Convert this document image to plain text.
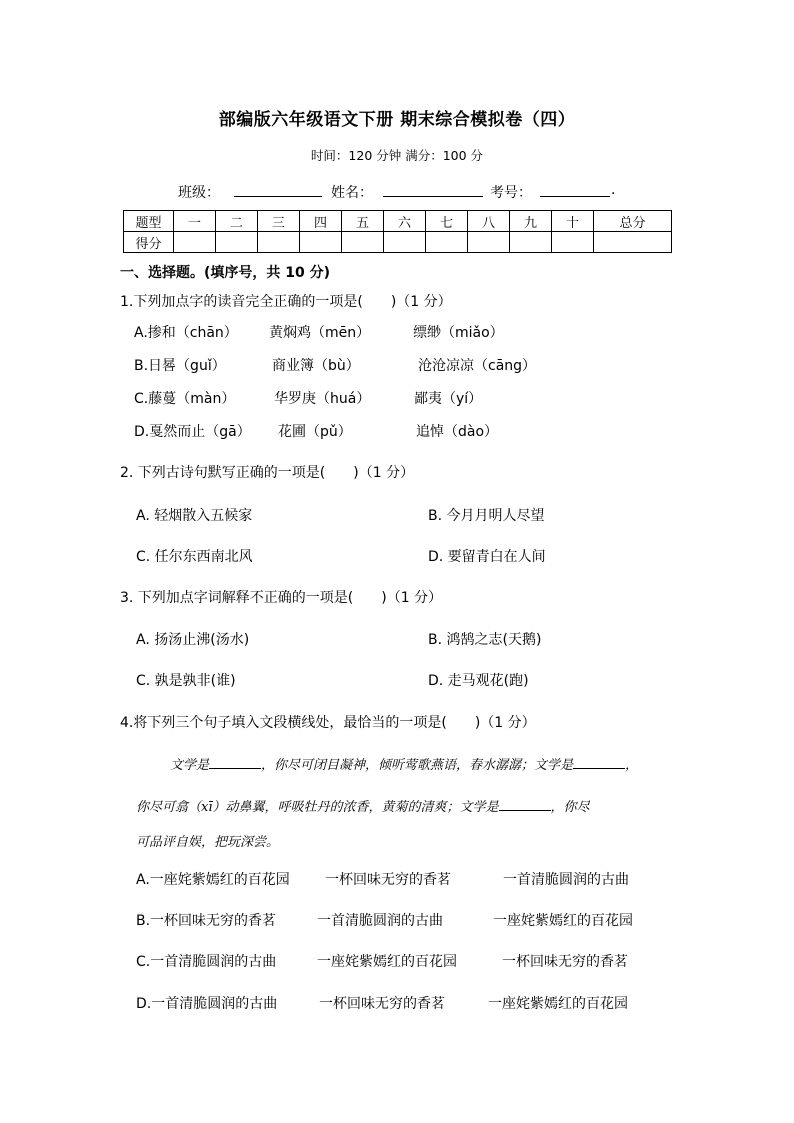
部编版六年级语文下册 期末综合模拟卷（四）
时间：120 分钟 满分：100 分
班级：	姓名：	考号：	.
题型	一	二	三	四	五	六	七	八	九	十	总分
得分											
一、选择题。(填序号，共 10 分)
1.下列加点字的读音完全正确的一项是(　　)（1 分）
A.掺和（chān） 黄焖鸡（mēn）	缥缈（miǎo）
B.日晷（guǐ）	商业簿（bù）	沧沧凉凉（cāng）
C.藤蔓（màn）	华罗庚（huá）	鄙夷（yí）
D.戛然而止（gā） 花圃（pǔ）	追悼（dào）
2. 下列古诗句默写正确的一项是(　　)（1 分）
A. 轻烟散入五候家	B. 今月月明人尽望
C. 任尔东西南北风	D. 要留青白在人间
3. 下列加点字词解释不正确的一项是(　　)（1 分）
A. 扬汤止沸(汤水)	B. 鸿鹄之志(天鹅)
C. 孰是孰非(谁)	D. 走马观花(跑)
4.将下列三个句子填入文段横线处，最恰当的一项是(　　)（1 分）
文学是	，你尽可闭目凝神，倾听莺歌燕语，春水潺潺；文学是	，
你尽可翕（xī）动鼻翼，呼吸牡丹的浓香，黄菊的清爽；文学是	，你尽
可品评自娱，把玩深尝。
A.一座姹紫嫣红的百花园	一杯回味无穷的香茗	一首清脆圆润的古曲
B.一杯回味无穷的香茗	一首清脆圆润的古曲	一座姹紫嫣红的百花园
C.一首清脆圆润的古曲	一座姹紫嫣红的百花园	一杯回味无穷的香茗
D.一首清脆圆润的古曲	一杯回味无穷的香茗	一座姹紫嫣红的百花园
